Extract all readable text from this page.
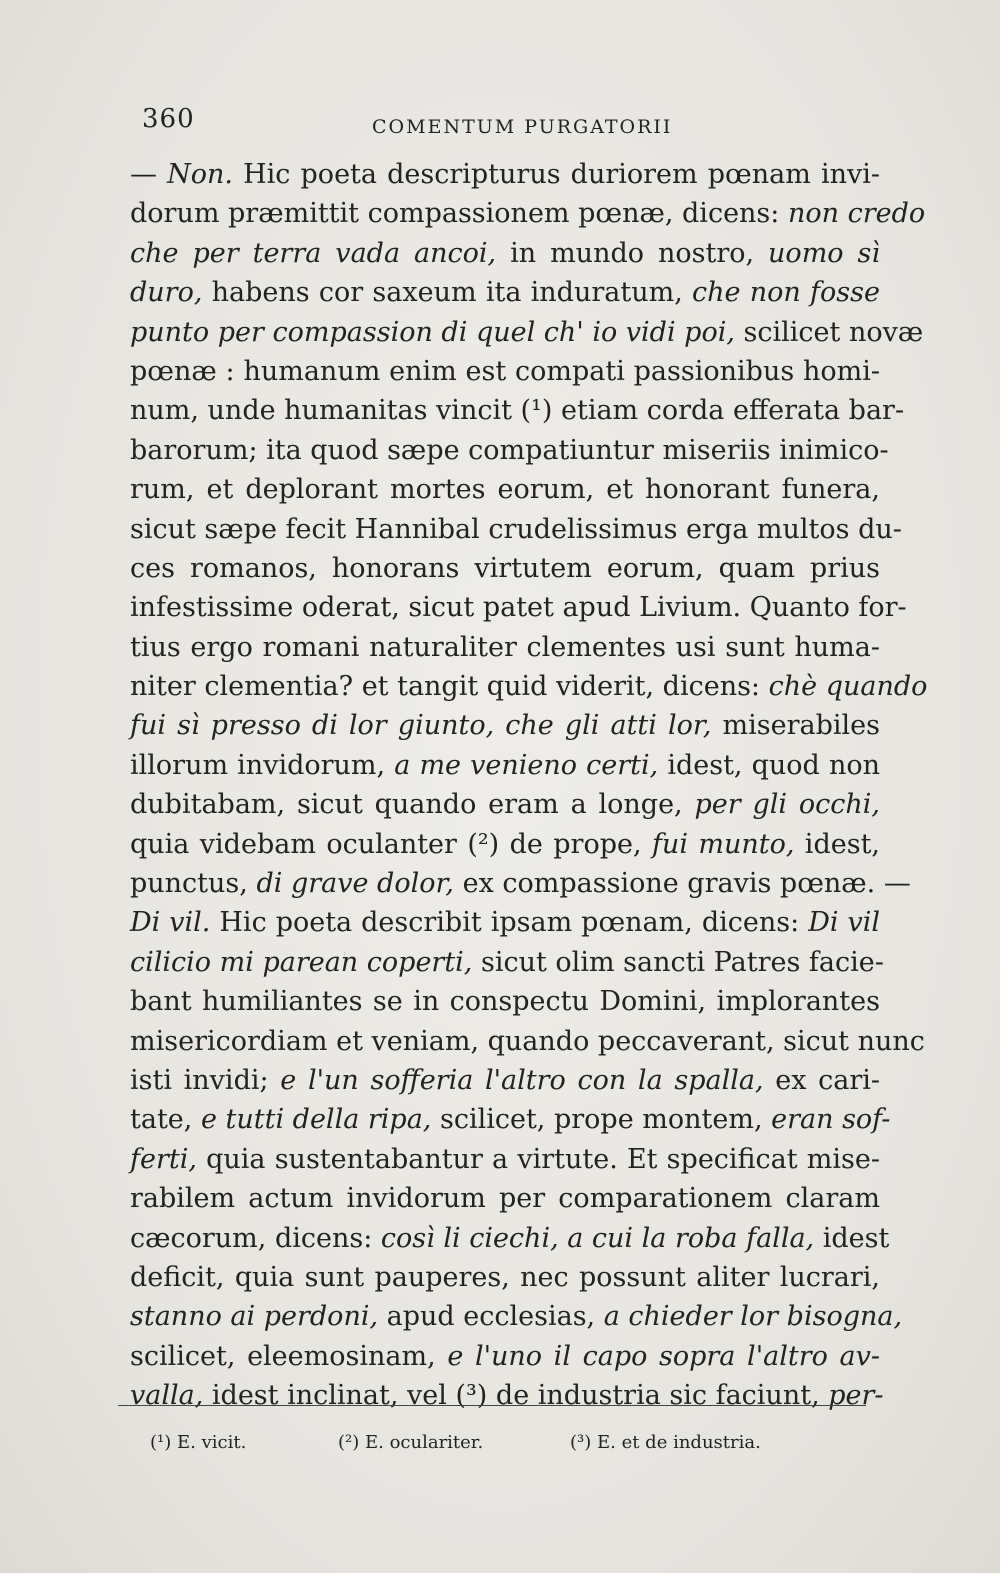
360	COMENTUM PURGATORII
— Non. Hic poeta descripturus duriorem pœnam invi-
dorum præmittit compassionem pœnæ, dicens: non credo
che per terra vada ancoi, in mundo nostro, uomo sì
duro, habens cor saxeum ita induratum, che non fosse
punto per compassion di quel ch' io vidi poi, scilicet novæ
pœnæ : humanum enim est compati passionibus homi-
num, unde humanitas vincit (¹) etiam corda efferata bar-
barorum; ita quod sæpe compatiuntur miseriis inimico-
rum, et deplorant mortes eorum, et honorant funera,
sicut sæpe fecit Hannibal crudelissimus erga multos du-
ces romanos, honorans virtutem eorum, quam prius
infestissime oderat, sicut patet apud Livium. Quanto for-
tius ergo romani naturaliter clementes usi sunt huma-
niter clementia? et tangit quid viderit, dicens: chè quando
fui sì presso di lor giunto, che gli atti lor, miserabiles
illorum invidorum, a me venieno certi, idest, quod non
dubitabam, sicut quando eram a longe, per gli occhi,
quia videbam oculanter (²) de prope, fui munto, idest,
punctus, di grave dolor, ex compassione gravis pœnæ. —
Di vil. Hic poeta describit ipsam pœnam, dicens: Di vil
cilicio mi parean coperti, sicut olim sancti Patres facie-
bant humiliantes se in conspectu Domini, implorantes
misericordiam et veniam, quando peccaverant, sicut nunc
isti invidi; e l'un sofferia l'altro con la spalla, ex cari-
tate, e tutti della ripa, scilicet, prope montem, eran sof-
ferti, quia sustentabantur a virtute. Et specificat mise-
rabilem actum invidorum per comparationem claram
cæcorum, dicens: così li ciechi, a cui la roba falla, idest
deficit, quia sunt pauperes, nec possunt aliter lucrari,
stanno ai perdoni, apud ecclesias, a chieder lor bisogna,
scilicet, eleemosinam, e l'uno il capo sopra l'altro av-
valla, idest inclinat, vel (³) de industria sic faciunt, per-
(¹) E. vicit.	(²) E. oculariter.	(³) E. et de industria.
